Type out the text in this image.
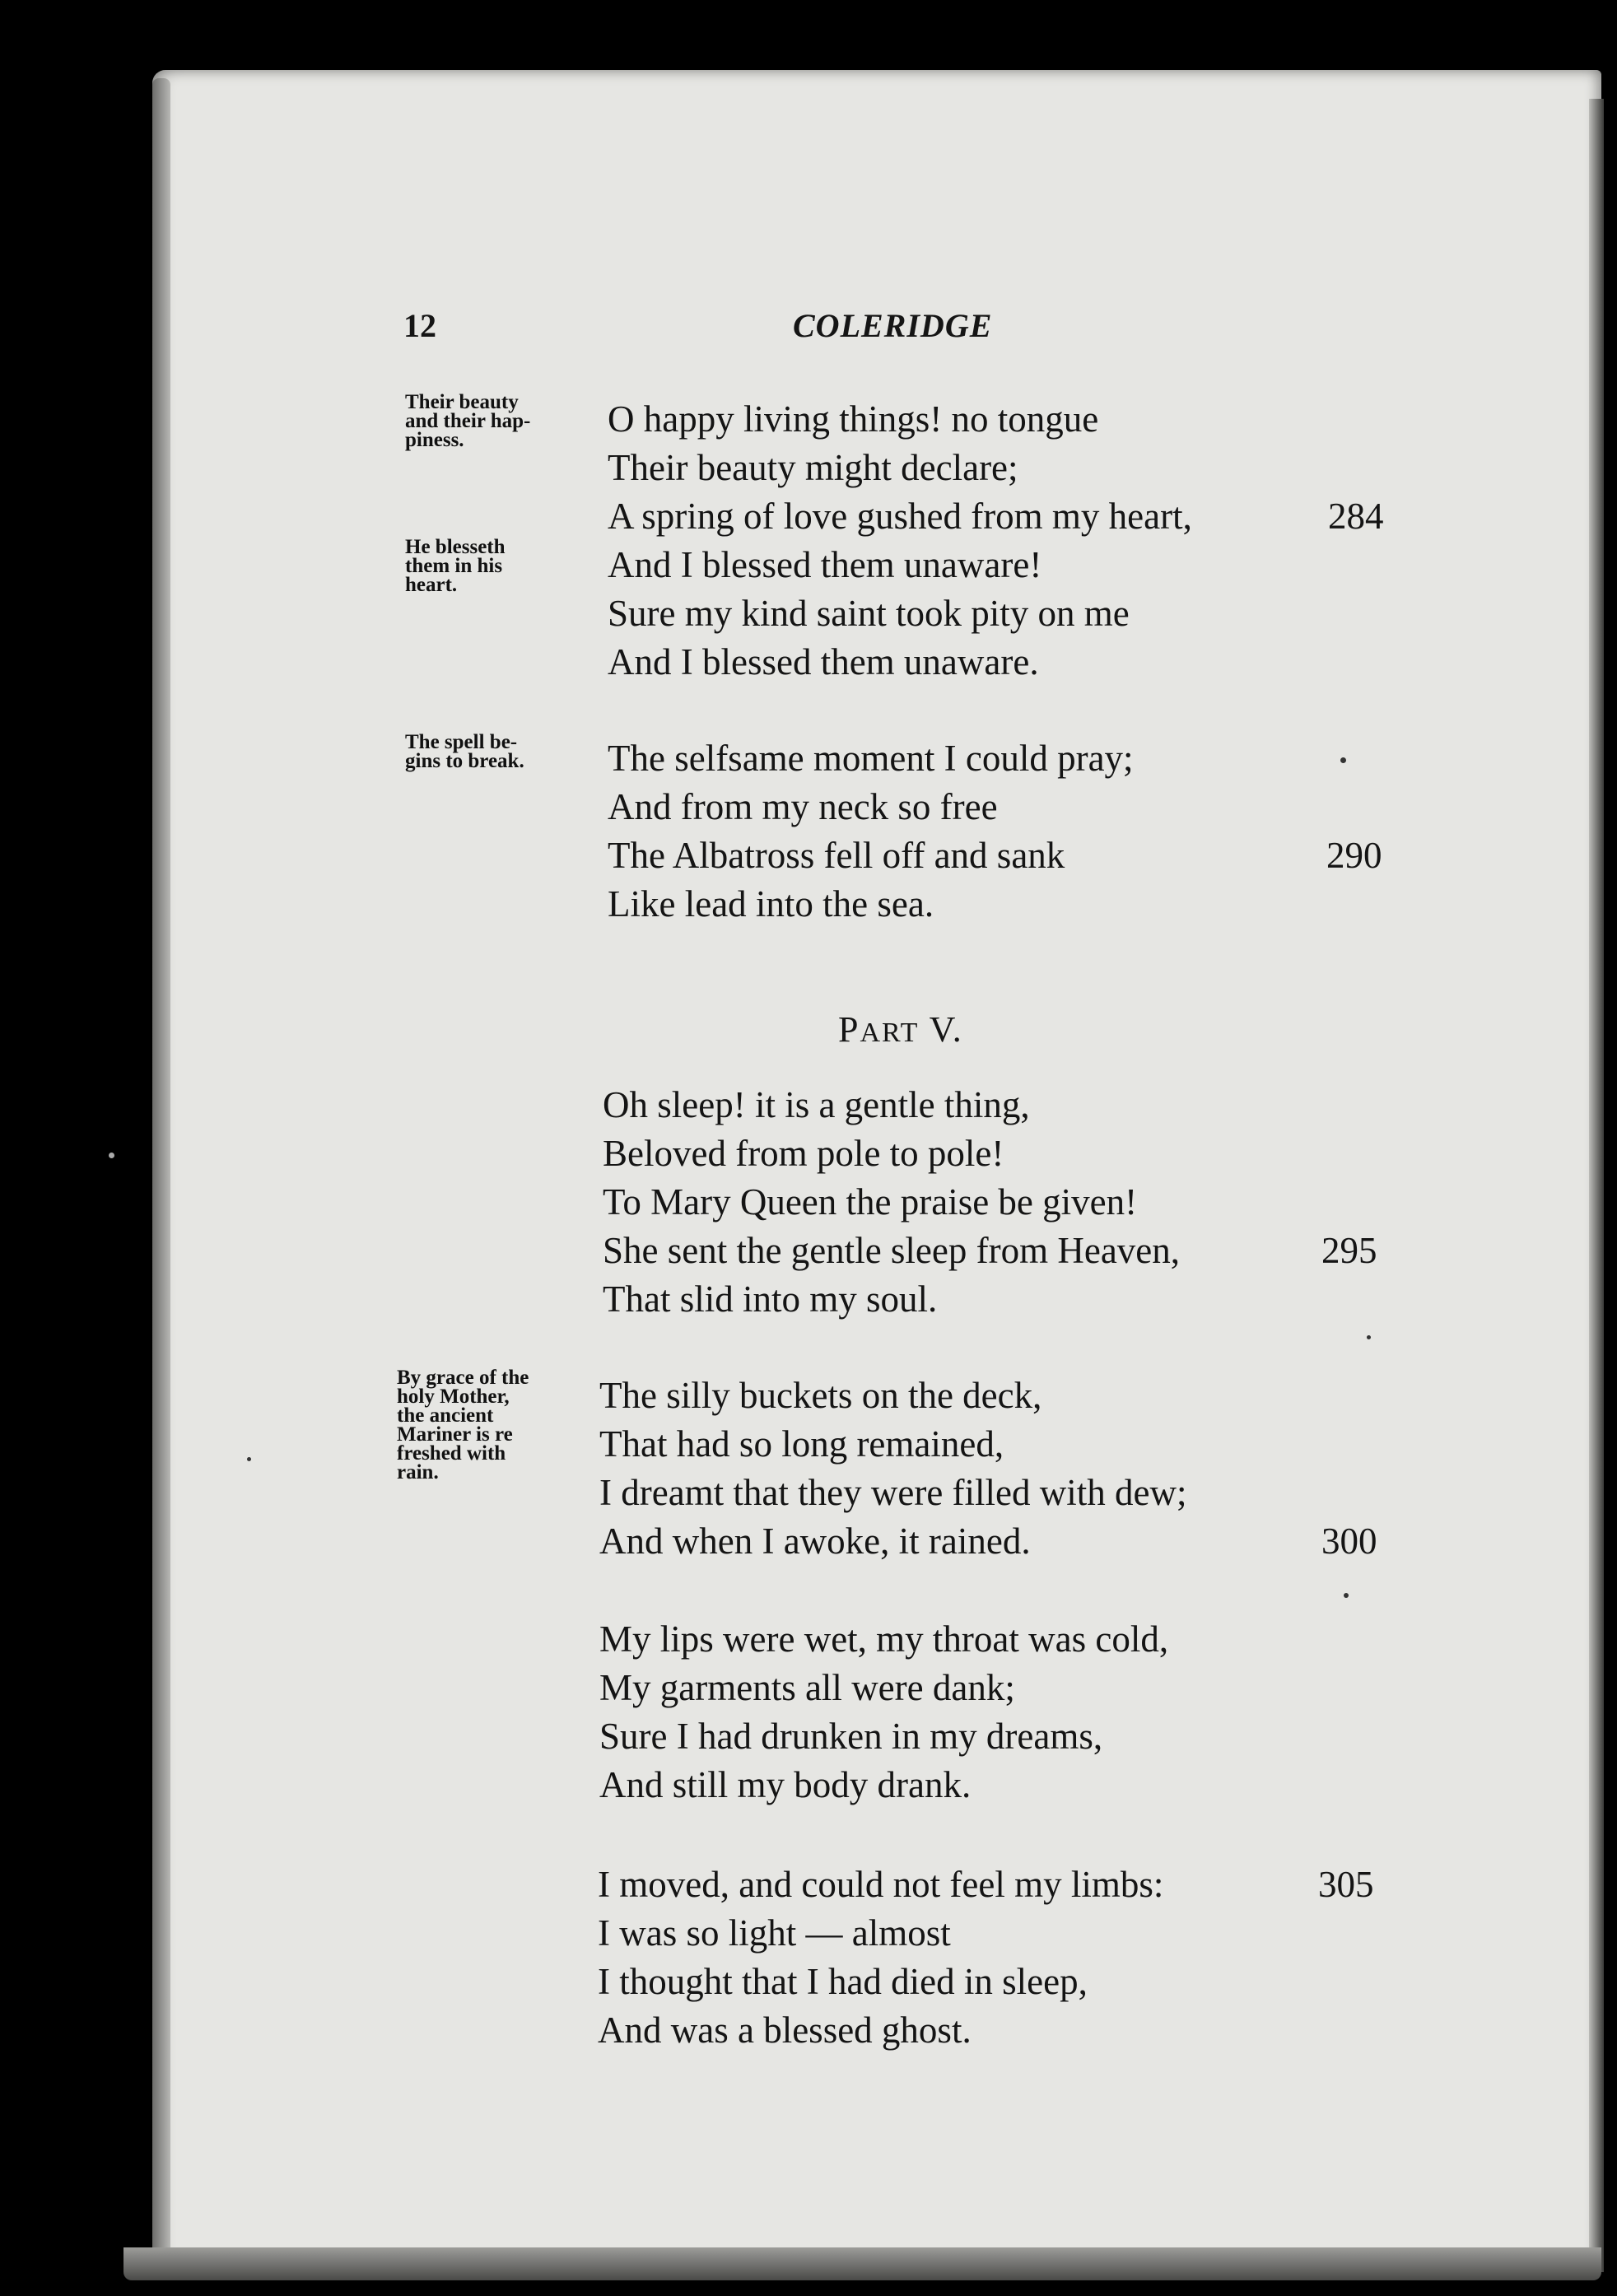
12	COLERIDGE
Their beauty
and their hap-
piness.
He blesseth
them in his
heart.
The spell be-
gins to break.
By grace of the
holy Mother,
the ancient
Mariner is re
freshed with
rain.
O happy living things! no tongue
Their beauty might declare;
A spring of love gushed from my heart,	284
And I blessed them unaware!
Sure my kind saint took pity on me
And I blessed them unaware.
The selfsame moment I could pray;
And from my neck so free
The Albatross fell off and sank	290
Like lead into the sea.
PART V.
Oh sleep! it is a gentle thing,
Beloved from pole to pole!
To Mary Queen the praise be given!
She sent the gentle sleep from Heaven,	295
That slid into my soul.
The silly buckets on the deck,
That had so long remained,
I dreamt that they were filled with dew;
And when I awoke, it rained.	300
My lips were wet, my throat was cold,
My garments all were dank;
Sure I had drunken in my dreams,
And still my body drank.
I moved, and could not feel my limbs:	305
I was so light — almost
I thought that I had died in sleep,
And was a blessed ghost.
